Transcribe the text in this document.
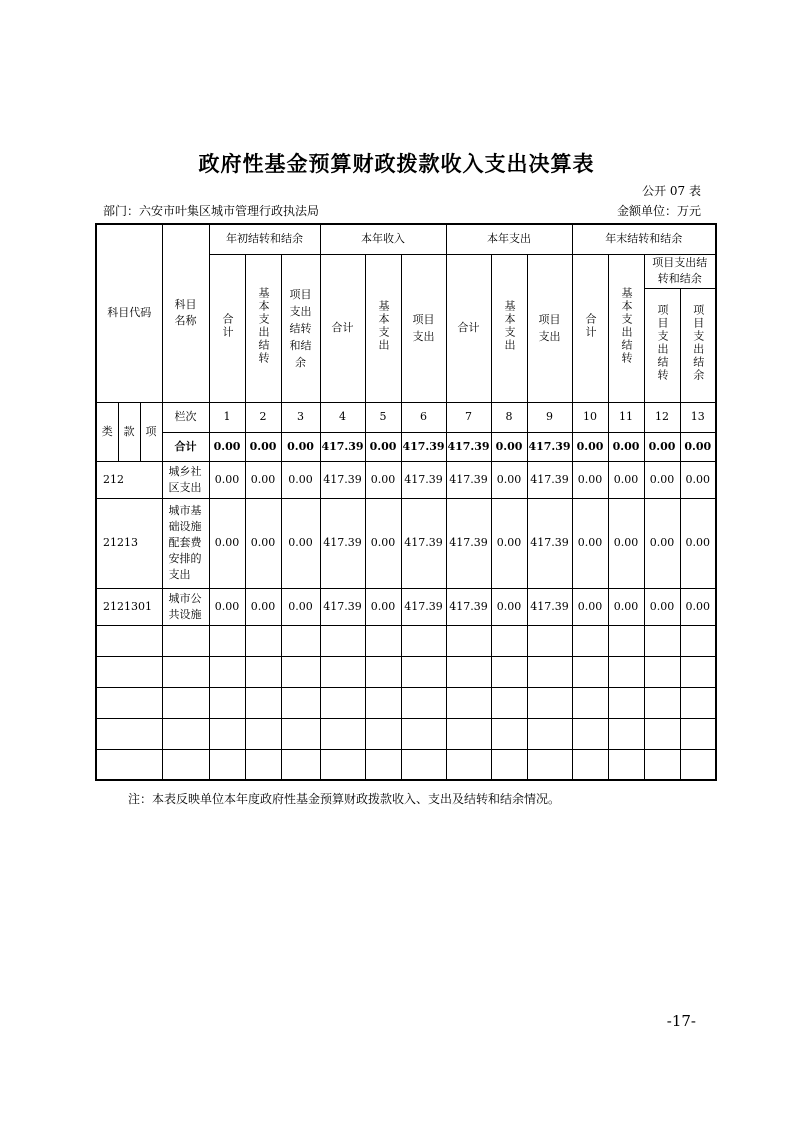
政府性基金预算财政拨款收入支出决算表
公开 07 表
部门：六安市叶集区城市管理行政执法局	金额单位：万元
科目代码			科目名称	年初结转和结余			本年收入			本年支出			年末结转和结余			
				合计	基本支出结转	项目支出结转和结余	合计	基本支出	项目支出	合计	基本支出	项目支出	合计	基本支出结转	项目支出结转和结余	
															项目支出结转	项目支出结余
类	款	项	栏次	1	2	3	4	5	6	7	8	9	10	11	12	13
			合计	0.00	0.00	0.00	417.39	0.00	417.39	417.39	0.00	417.39	0.00	0.00	0.00	0.00
212			城乡社区支出	0.00	0.00	0.00	417.39	0.00	417.39	417.39	0.00	417.39	0.00	0.00	0.00	0.00
21213			城市基础设施配套费安排的支出	0.00	0.00	0.00	417.39	0.00	417.39	417.39	0.00	417.39	0.00	0.00	0.00	0.00
2121301			城市公共设施	0.00	0.00	0.00	417.39	0.00	417.39	417.39	0.00	417.39	0.00	0.00	0.00	0.00

注：本表反映单位本年度政府性基金预算财政拨款收入、支出及结转和结余情况。
-17-
